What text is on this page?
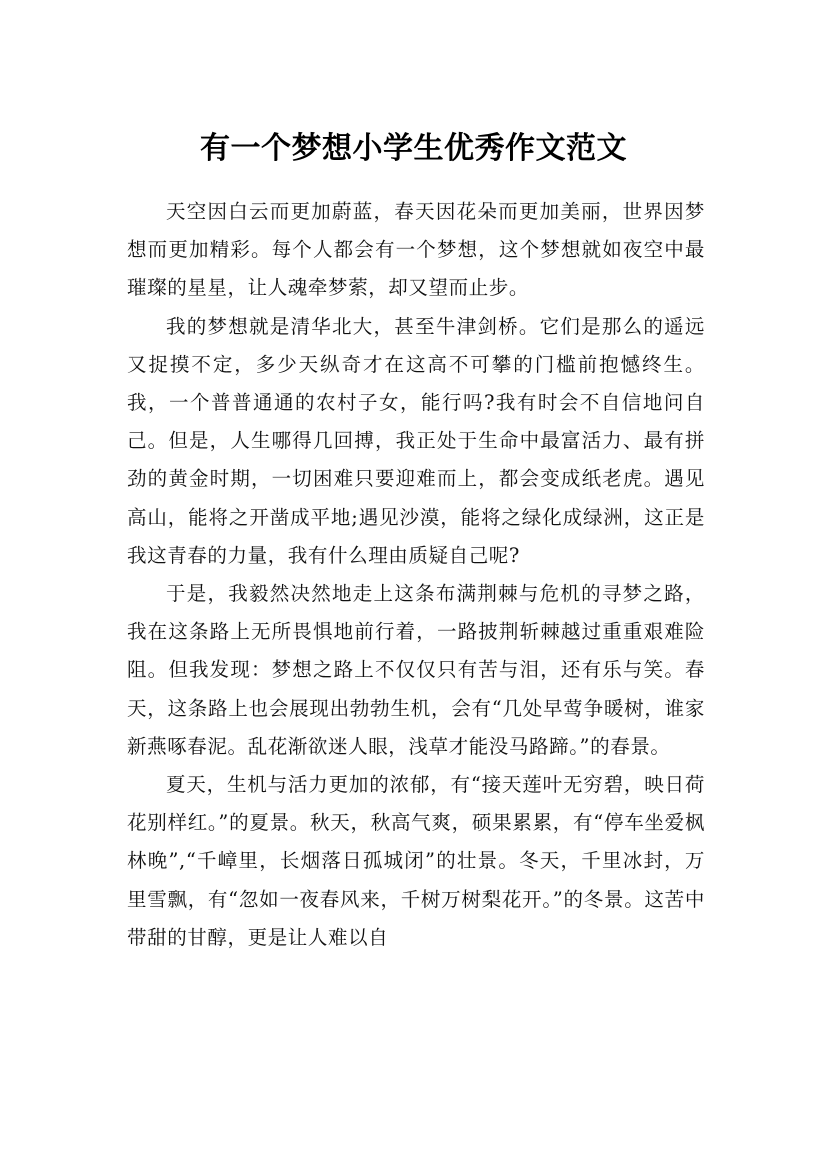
有一个梦想小学生优秀作文范文

天空因白云而更加蔚蓝，春天因花朵而更加美丽，世界因梦想而更加精彩。每个人都会有一个梦想，这个梦想就如夜空中最璀璨的星星，让人魂牵梦萦，却又望而止步。

我的梦想就是清华北大，甚至牛津剑桥。它们是那么的遥远又捉摸不定，多少天纵奇才在这高不可攀的门槛前抱憾终生。我，一个普普通通的农村子女，能行吗?我有时会不自信地问自己。但是，人生哪得几回搏，我正处于生命中最富活力、最有拼劲的黄金时期，一切困难只要迎难而上，都会变成纸老虎。遇见高山，能将之开凿成平地;遇见沙漠，能将之绿化成绿洲，这正是我这青春的力量，我有什么理由质疑自己呢?

于是，我毅然决然地走上这条布满荆棘与危机的寻梦之路，我在这条路上无所畏惧地前行着，一路披荆斩棘越过重重艰难险阻。但我发现：梦想之路上不仅仅只有苦与泪，还有乐与笑。春天，这条路上也会展现出勃勃生机，会有“几处早莺争暖树，谁家新燕啄春泥。乱花渐欲迷人眼，浅草才能没马路蹄。”的春景。

夏天，生机与活力更加的浓郁，有“接天莲叶无穷碧，映日荷花别样红。”的夏景。秋天，秋高气爽，硕果累累，有“停车坐爱枫林晚”,“千嶂里，长烟落日孤城闭”的壮景。冬天，千里冰封，万里雪飘，有“忽如一夜春风来，千树万树梨花开。”的冬景。这苦中带甜的甘醇，更是让人难以自
